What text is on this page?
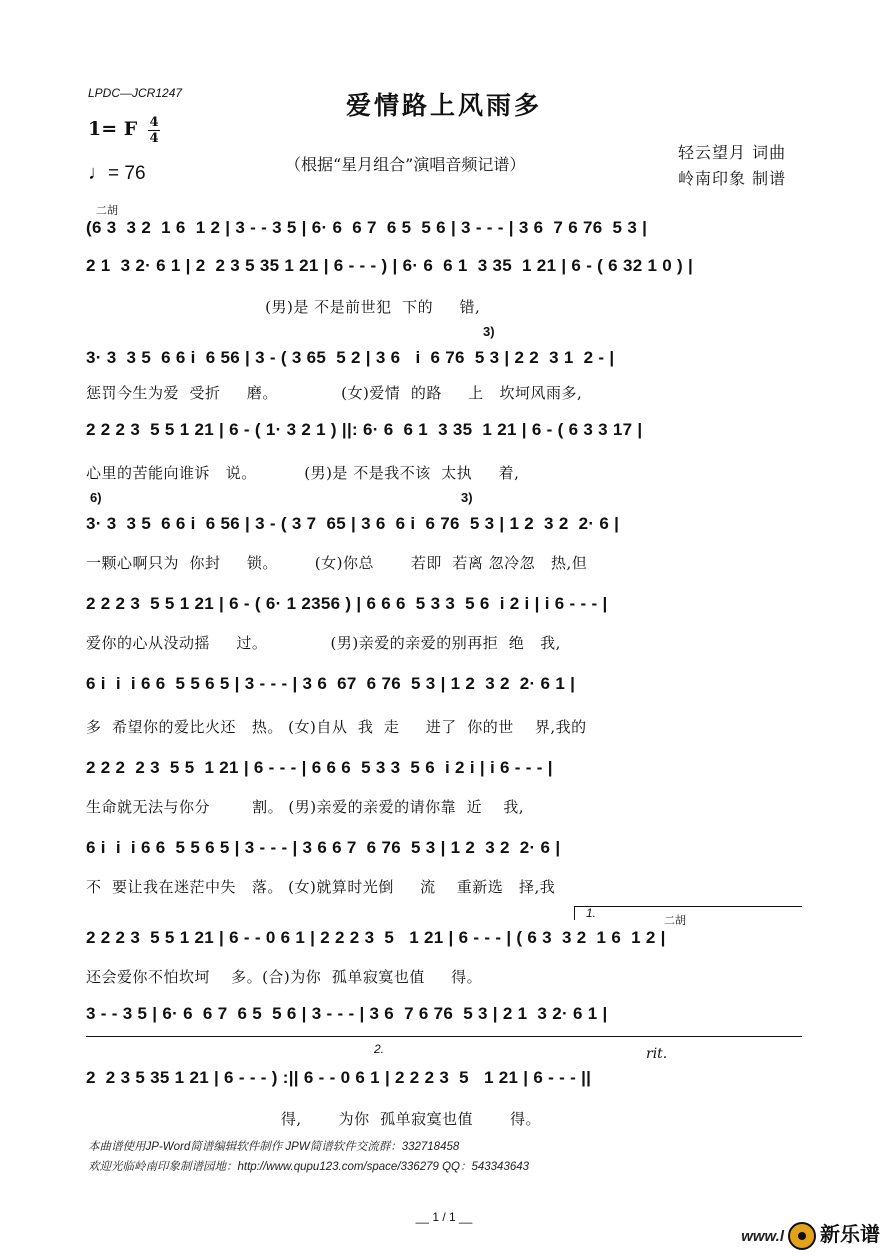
LPDC—JCR1247	爱情路上风雨多
1= F 4
4
♩= 76	（根据“星月组合”演唱音频记谱）
轻云望月 词曲
岭南印象 制谱
二胡
(6 3  3 2  1 6  1 2 | 3 - - 3 5 | 6· 6  6 7  6 5  5 6 | 3 - - - | 3 6  7 6 76  5 3 |
2 1  3 2· 6 1 | 2  2 3 5 35 1 21 | 6 - - - ) | 6· 6  6 1  3 35  1 21 | 6 - ( 6 32 1 0 ) |
(男)是 不是前世犯  下的     错,
3)
3· 3  3 5  6 6 i  6 56 | 3 - ( 3 65  5 2 | 3 6   i  6 76  5 3 | 2 2  3 1  2 - |
惩罚今生为爱  受折     磨。            (女)爱情  的路     上   坎坷风雨多,
2 2 2 3  5 5 1 21 | 6 - ( 1· 3 2 1 ) ||: 6· 6  6 1  3 35  1 21 | 6 - ( 6 3 3 17 |
心里的苦能向谁诉   说。         (男)是 不是我不该  太执     着,
6)	3)
3· 3  3 5  6 6 i  6 56 | 3 - ( 3 7  65 | 3 6  6 i  6 76  5 3 | 1 2  3 2  2· 6 |
一颗心啊只为  你封     锁。       (女)你总       若即  若离 忽冷忽   热,但
2 2 2 3  5 5 1 21 | 6 - ( 6· 1 2356 ) | 6 6 6  5 3 3  5 6  i 2 i | i 6 - - - |
爱你的心从没动摇     过。            (男)亲爱的亲爱的别再拒  绝   我,
6 i  i  i 6 6  5 5 6 5 | 3 - - - | 3 6  67  6 76  5 3 | 1 2  3 2  2· 6 1 |
多  希望你的爱比火还   热。 (女)自从  我  走     进了  你的世    界,我的
2 2 2  2 3  5 5  1 21 | 6 - - - | 6 6 6  5 3 3  5 6  i 2 i | i 6 - - - |
生命就无法与你分        割。 (男)亲爱的亲爱的请你靠  近    我,
6 i  i  i 6 6  5 5 6 5 | 3 - - - | 3 6 6 7  6 76  5 3 | 1 2  3 2  2· 6 |
不  要让我在迷茫中失   落。 (女)就算时光倒     流    重新选   择,我
1.
二胡
2 2 2 3  5 5 1 21 | 6 - - 0 6 1 | 2 2 2 3  5   1 21 | 6 - - - | ( 6 3  3 2  1 6  1 2 |
还会爱你不怕坎坷    多。(合)为你  孤单寂寞也值     得。
3 - - 3 5 | 6· 6  6 7  6 5  5 6 | 3 - - - | 3 6  7 6 76  5 3 | 2 1  3 2· 6 1 |
2.	rit.
2  2 3 5 35 1 21 | 6 - - - ) :|| 6 - - 0 6 1 | 2 2 2 3  5   1 21 | 6 - - - ||
得,       为你  孤单寂寞也值       得。
本曲谱使用JP-Word简谱编辑软件制作 JPW简谱软件交流群：332718458
欢迎光临岭南印象制谱园地：http://www.qupu123.com/space/336279 QQ：543343643
__ 1 / 1 __
www.l 新乐谱
